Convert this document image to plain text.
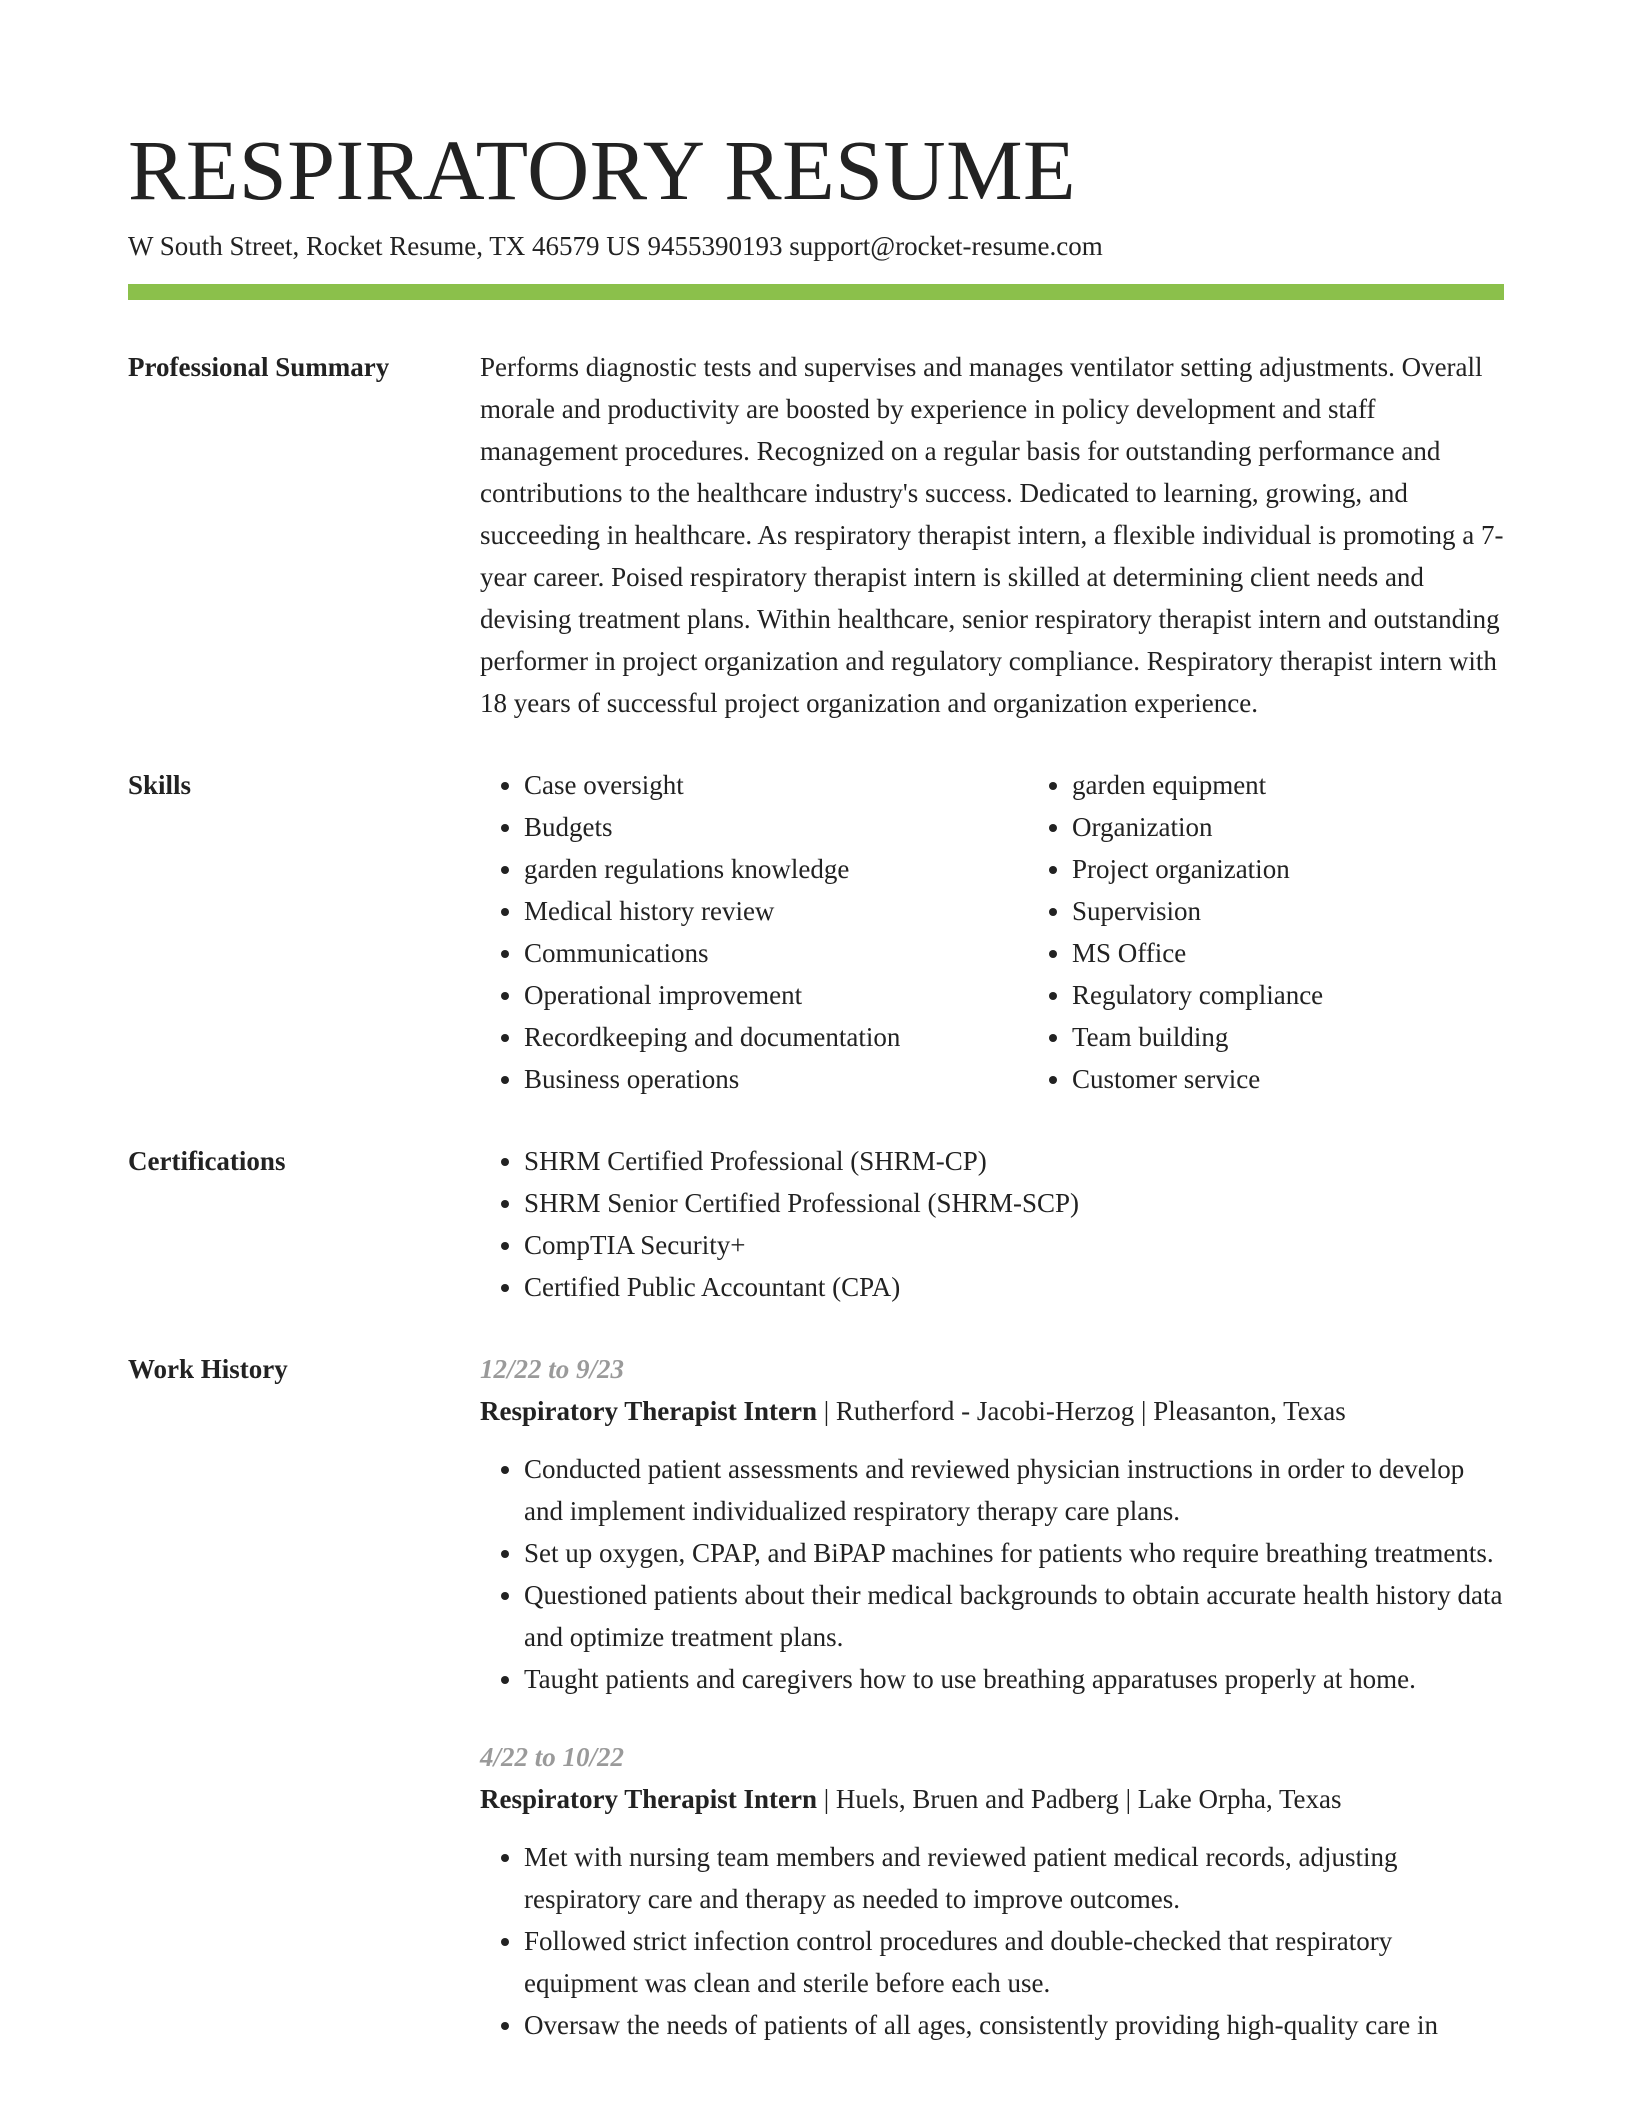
RESPIRATORY RESUME
W South Street, Rocket Resume, TX 46579 US 9455390193 support@rocket-resume.com
Professional Summary	Performs diagnostic tests and supervises and manages ventilator setting adjustments. Overall morale and productivity are boosted by experience in policy development and staff management procedures. Recognized on a regular basis for outstanding performance and contributions to the healthcare industry's success. Dedicated to learning, growing, and succeeding in healthcare. As respiratory therapist intern, a flexible individual is promoting a 7-year career. Poised respiratory therapist intern is skilled at determining client needs and devising treatment plans. Within healthcare, senior respiratory therapist intern and outstanding performer in project organization and regulatory compliance. Respiratory therapist intern with 18 years of successful project organization and organization experience.

Skills	• Case oversight
• Budgets
• garden regulations knowledge
• Medical history review
• Communications
• Operational improvement
• Recordkeeping and documentation
• Business operations
• garden equipment
• Organization
• Project organization
• Supervision
• MS Office
• Regulatory compliance
• Team building
• Customer service
Certifications	• SHRM Certified Professional (SHRM-CP)
• SHRM Senior Certified Professional (SHRM-SCP)
• CompTIA Security+
• Certified Public Accountant (CPA)
Work History	12/22 to 9/23
Respiratory Therapist Intern | Rutherford - Jacobi-Herzog | Pleasanton, Texas
• Conducted patient assessments and reviewed physician instructions in order to develop and implement individualized respiratory therapy care plans.
• Set up oxygen, CPAP, and BiPAP machines for patients who require breathing treatments.
• Questioned patients about their medical backgrounds to obtain accurate health history data and optimize treatment plans.
• Taught patients and caregivers how to use breathing apparatuses properly at home.
4/22 to 10/22
Respiratory Therapist Intern | Huels, Bruen and Padberg | Lake Orpha, Texas
• Met with nursing team members and reviewed patient medical records, adjusting respiratory care and therapy as needed to improve outcomes.
• Followed strict infection control procedures and double-checked that respiratory equipment was clean and sterile before each use.
• Oversaw the needs of patients of all ages, consistently providing high-quality care in
